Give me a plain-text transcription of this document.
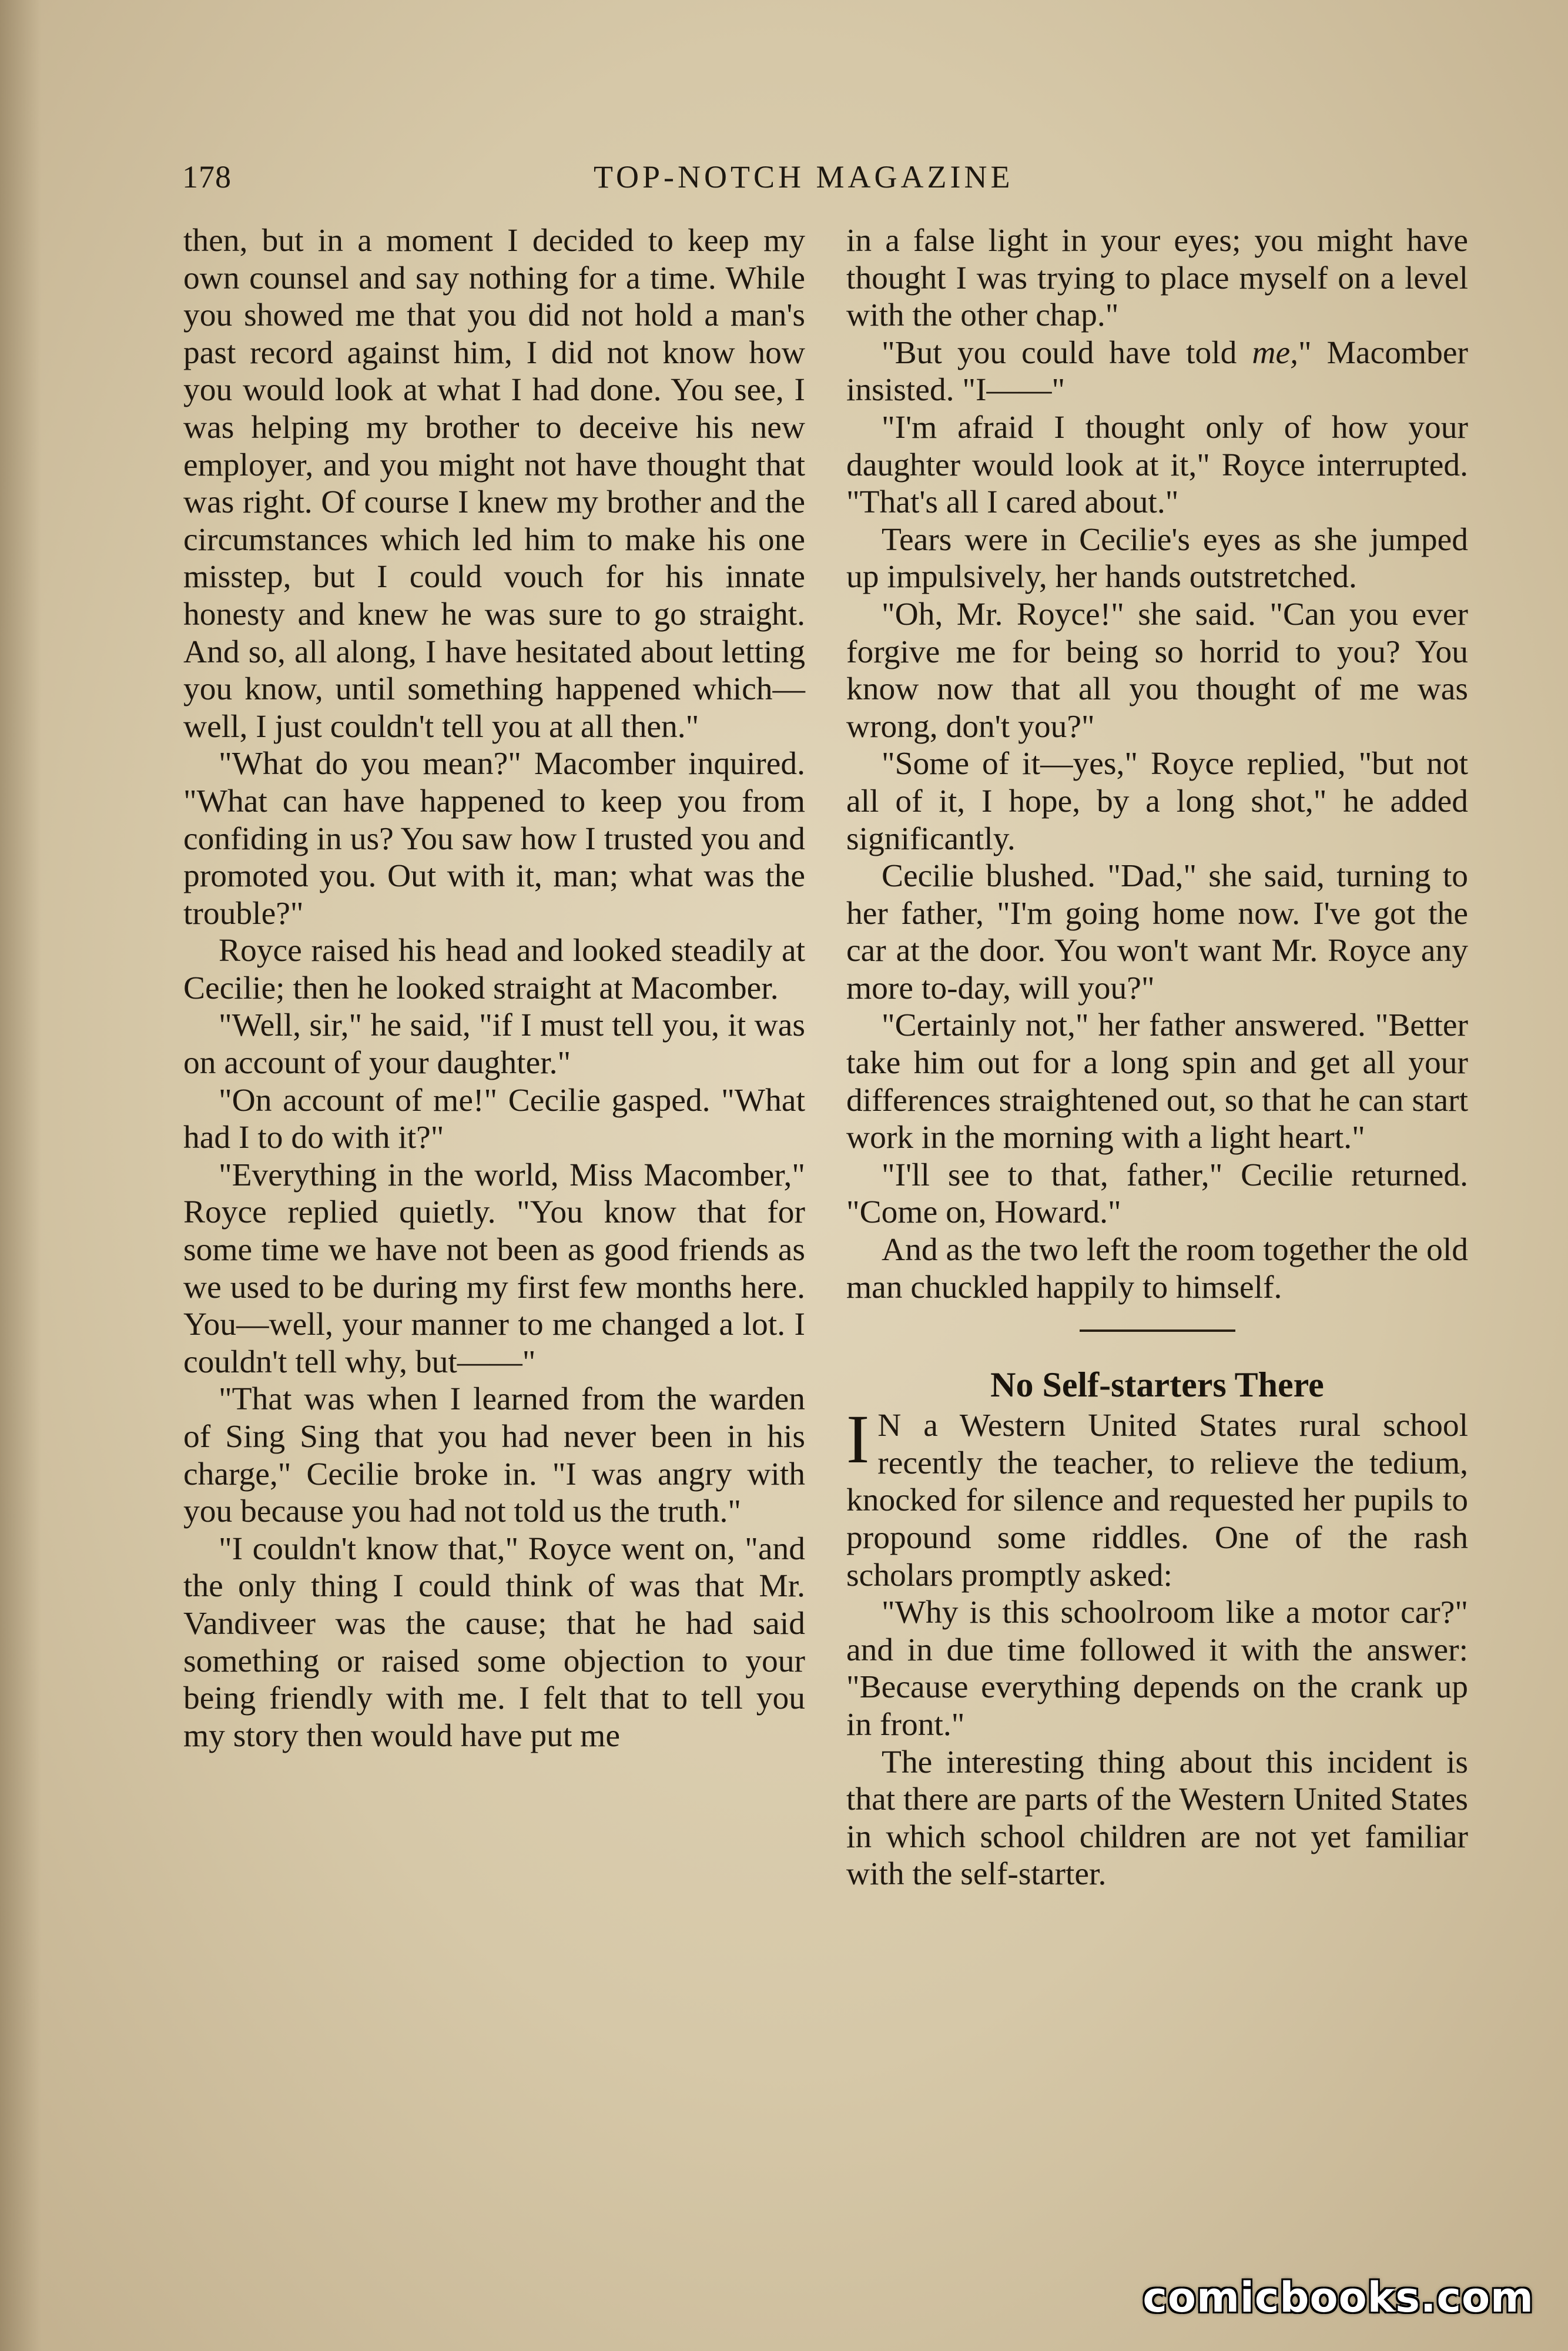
178	TOP-NOTCH MAGAZINE

then, but in a moment I decided to keep my own counsel and say nothing for a time. While you showed me that you did not hold a man's past record against him, I did not know how you would look at what I had done. You see, I was helping my brother to deceive his new employer, and you might not have thought that was right. Of course I knew my brother and the circumstances which led him to make his one misstep, but I could vouch for his innate honesty and knew he was sure to go straight. And so, all along, I have hesitated about letting you know, until something happened which—well, I just couldn't tell you at all then."

"What do you mean?" Macomber inquired. "What can have happened to keep you from confiding in us? You saw how I trusted you and promoted you. Out with it, man; what was the trouble?"

Royce raised his head and looked steadily at Cecilie; then he looked straight at Macomber.

"Well, sir," he said, "if I must tell you, it was on account of your daughter."

"On account of me!" Cecilie gasped. "What had I to do with it?"

"Everything in the world, Miss Macomber," Royce replied quietly. "You know that for some time we have not been as good friends as we used to be during my first few months here. You—well, your manner to me changed a lot. I couldn't tell why, but——"

"That was when I learned from the warden of Sing Sing that you had never been in his charge," Cecilie broke in. "I was angry with you because you had not told us the truth."

"I couldn't know that," Royce went on, "and the only thing I could think of was that Mr. Vandiveer was the cause; that he had said something or raised some objection to your being friendly with me. I felt that to tell you my story then would have put me

in a false light in your eyes; you might have thought I was trying to place myself on a level with the other chap."

"But you could have told me," Macomber insisted. "I——"

"I'm afraid I thought only of how your daughter would look at it," Royce interrupted. "That's all I cared about."

Tears were in Cecilie's eyes as she jumped up impulsively, her hands outstretched.

"Oh, Mr. Royce!" she said. "Can you ever forgive me for being so horrid to you? You know now that all you thought of me was wrong, don't you?"

"Some of it—yes," Royce replied, "but not all of it, I hope, by a long shot," he added significantly.

Cecilie blushed. "Dad," she said, turning to her father, "I'm going home now. I've got the car at the door. You won't want Mr. Royce any more to-day, will you?"

"Certainly not," her father answered. "Better take him out for a long spin and get all your differences straightened out, so that he can start work in the morning with a light heart."

"I'll see to that, father," Cecilie returned. "Come on, Howard."

And as the two left the room together the old man chuckled happily to himself.

No Self-starters There

I N a Western United States rural school recently the teacher, to relieve the tedium, knocked for silence and requested her pupils to propound some riddles. One of the rash scholars promptly asked:

"Why is this schoolroom like a motor car?" and in due time followed it with the answer: "Because everything depends on the crank up in front."

The interesting thing about this incident is that there are parts of the Western United States in which school children are not yet familiar with the self-starter.

comicbooks.com
